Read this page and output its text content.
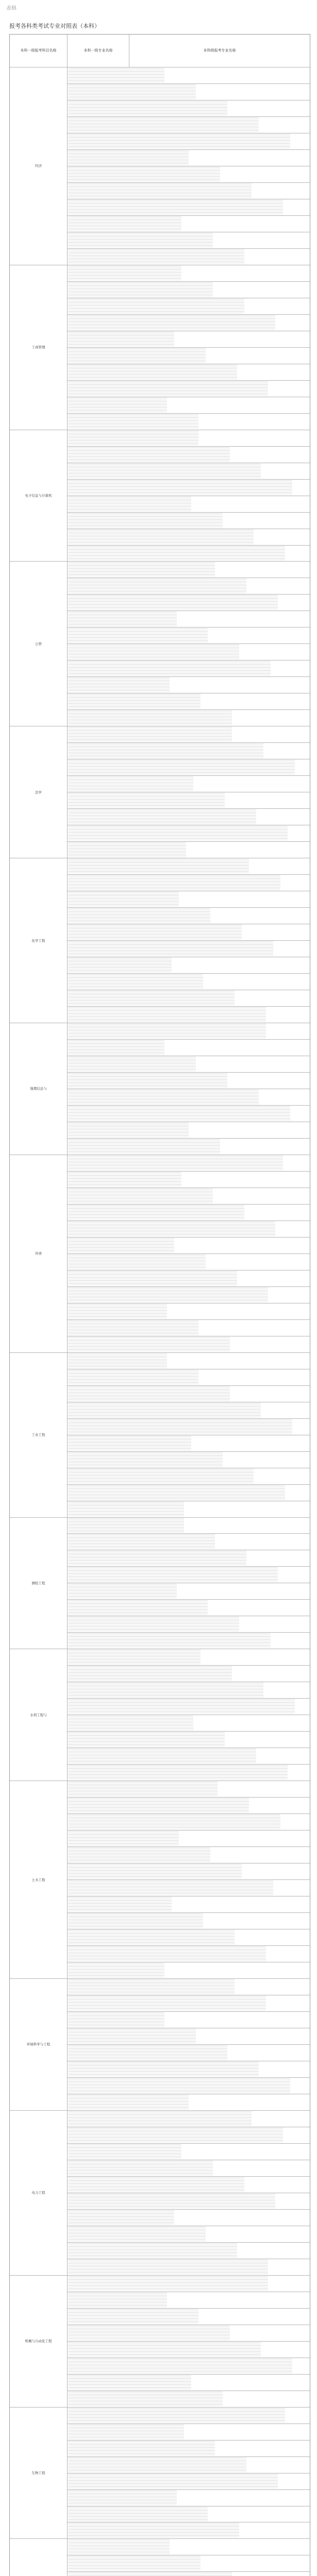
表格
报考各科类考试专业对照表（本科）
本科一级报考科目名称	本科一级专业名称	本科级报考专业名称
经济
工商管理
电子信息与计算机
公管
法学
化学工程
地理信息与
外语
工业工程
测绘工程
水利工程与
土木工程
环境科学与工程
电力工程
机械与自动化工程
生物工程
